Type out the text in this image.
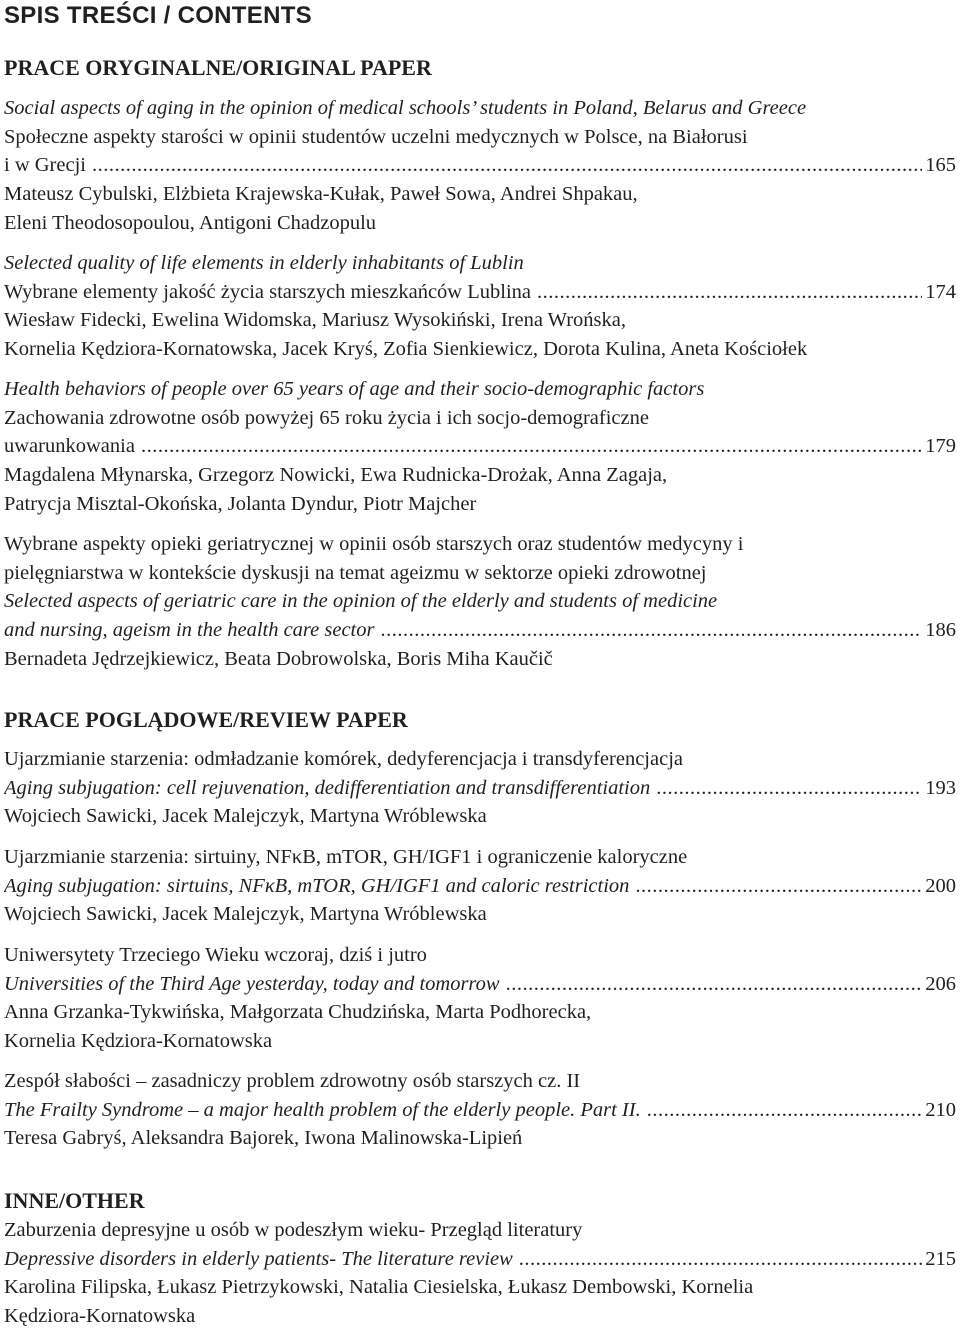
SPIS TREŚCI / CONTENTS
PRACE ORYGINALNE/ORIGINAL PAPER
Social aspects of aging in the opinion of medical schools’ students in Poland, Belarus and Greece
Społeczne aspekty starości w opinii studentów uczelni medycznych w Polsce, na Białorusi
i w Grecji .....	165
Mateusz Cybulski, Elżbieta Krajewska-Kułak, Paweł Sowa, Andrei Shpakau,
Eleni Theodosopoulou, Antigoni Chadzopulu
Selected quality of life elements in elderly inhabitants of Lublin
Wybrane elementy jakość życia starszych mieszkańców Lublina .....	174
Wiesław Fidecki, Ewelina Widomska, Mariusz Wysokiński, Irena Wrońska,
Kornelia Kędziora-Kornatowska, Jacek Kryś, Zofia Sienkiewicz, Dorota Kulina, Aneta Kościołek
Health behaviors of people over 65 years of age and their socio-demographic factors
Zachowania zdrowotne osób powyżej 65 roku życia i ich socjo-demograficzne
uwarunkowania .....	179
Magdalena Młynarska, Grzegorz Nowicki, Ewa Rudnicka-Drożak, Anna Zagaja,
Patrycja Misztal-Okońska, Jolanta Dyndur, Piotr Majcher
Wybrane aspekty opieki geriatrycznej w opinii osób starszych oraz studentów medycyny i
pielęgniarstwa w kontekście dyskusji na temat ageizmu w sektorze opieki zdrowotnej
Selected aspects of geriatric care in the opinion of the elderly and students of medicine
and nursing, ageism in the health care sector .....	186
Bernadeta Jędrzejkiewicz, Beata Dobrowolska, Boris Miha Kaučič
PRACE POGLĄDOWE/REVIEW PAPER
Ujarzmianie starzenia: odmładzanie komórek, dedyferencjacja i transdyferencjacja
Aging subjugation: cell rejuvenation, dedifferentiation and transdifferentiation .....	193
Wojciech Sawicki, Jacek Malejczyk, Martyna Wróblewska
Ujarzmianie starzenia: sirtuiny, NFκB, mTOR, GH/IGF1 i ograniczenie kaloryczne
Aging subjugation: sirtuins, NFκB, mTOR, GH/IGF1 and caloric restriction .....	200
Wojciech Sawicki, Jacek Malejczyk, Martyna Wróblewska
Uniwersytety Trzeciego Wieku wczoraj, dziś i jutro
Universities of the Third Age yesterday, today and tomorrow .....	206
Anna Grzanka-Tykwińska, Małgorzata Chudzińska, Marta Podhorecka,
Kornelia Kędziora-Kornatowska
Zespół słabości – zasadniczy problem zdrowotny osób starszych cz. II
The Frailty Syndrome – a major health problem of the elderly people. Part II. .....	210
Teresa Gabryś, Aleksandra Bajorek, Iwona Malinowska-Lipień
INNE/OTHER
Zaburzenia depresyjne u osób w podeszłym wieku- Przegląd literatury
Depressive disorders in elderly patients- The literature review .....	215
Karolina Filipska, Łukasz Pietrzykowski, Natalia Ciesielska, Łukasz Dembowski, Kornelia
Kędziora-Kornatowska
